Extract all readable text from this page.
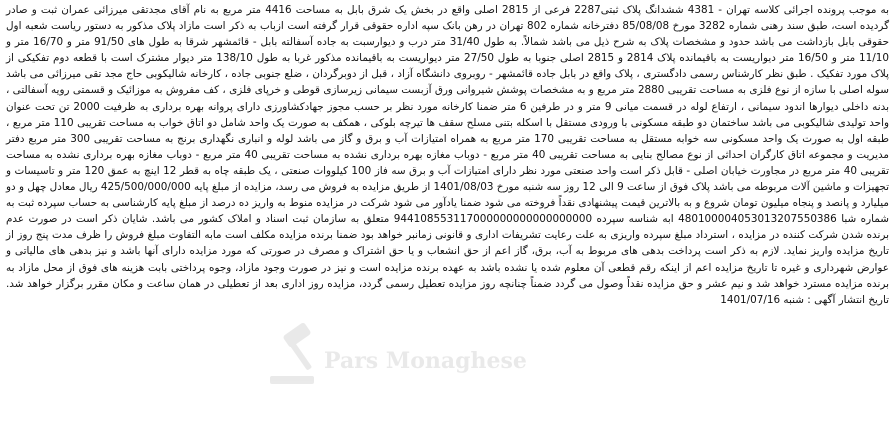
به موجب پرونده اجرائی کلاسه تهران - 4381 ششدانگ پلاک ثبتی2287 فرعی از 2815 اصلی واقع در بخش یک شرق بابل به مساحت 4416 متر مربع به نام آقای مجدتقی میرزائی عمران ثبت و صادر گردیده است، طبق سند رهنی شماره 3282 مورخ 85/08/08 دفترخانه شماره 802 تهران در رهن بانک سپه اداره حقوقی قرار گرفته است ازباب به ذکر است مازاد پلاک مذکور به دستور ریاست شعبه اول حقوقی بابل بازداشت می باشد حدود و مشخصات پلاک به شرح ذیل می باشد شمالاً. به طول 31/40 متر درب و دیوارسبت به جاده آسفالته بابل - قائمشهر شرقا به طول های 91/50 متر و 16/70 متر و 11/10 متر و 16/50 متر دیواریست به باقیمانده پلاک 2814 و 2815 اصلی جنوبا به طول 27/50 متر دیواریست به باقیمانده مذکور غربا به طول 138/10 متر دیوار مشترک است با قطعه دوم تفکیکی از پلاک مورد تفکیک . طبق نظر کارشناس رسمی دادگستری ، پلاک واقع در بابل جاده قائمشهر - روبروی دانشگاه آزاد ، قبل از دوبرگردان ، ضلع جنوبی جاده ، کارخانه شالیکوبی حاج مجد تقی میرزائی می باشد سوله اصلی با سازه از نوع فلزی به مساحت تقریبی 2880 متر مربع و به مشخصات پوشش شیروانی ورق آزبست سیمانی زیرسازی قوطی و خرپای فلزی ، کف مفروش به موزائیک و قسمتی رویه آسفالتی ، بدنه داخلی دیوارها اندود سیمانی ، ارتفاع لوله در قسمت میانی 9 متر و در طرفین 6 متر ضمنا کارخانه مورد نظر بر حسب مجوز جهادکشاورزی دارای پروانه بهره برداری به ظرفیت 2000 تن تحت عنوان واحد تولیدی شالیکوبی می باشد ساختمان دو طبقه مسکونی با ورودی مستقل با اسکله بتنی مسلح سقف ها تیرچه بلوکی ، همکف به صورت یک واحد شامل دو اتاق خواب به مساحت تقریبی 110 متر مربع ، طبقه اول به صورت یک واحد مسکونی سه خوابه مستقل به مساحت تقریبی 170 متر مربع به همراه امتیازات آب و برق و گاز می باشد لوله و انباری نگهداری برنج به مساحت تقریبی 300 متر مربع دفتر مدیریت و مجموعه اتاق کارگران احداثی از نوع مصالح بنایی به مساحت تقریبی 40 متر مربع - دوباب مغازه بهره برداری نشده به مساحت تقریبی 40 متر مربع - دوباب مغازه بهره برداری نشده به مساحت تقریبی 40 متر مربع در مجاورت خیابان اصلی - قابل ذکر است واحد صنعتی مورد نظر دارای امتیازات آب و برق سه فاز 100 کیلووات صنعتی ، یک طبقه چاه به قطر 12 اینچ به عمق 120 متر و تاسیسات و تجهیزات و ماشین آلات مربوطه می باشد پلاک فوق از ساعت 9 الی 12 روز سه شنبه مورخ 1401/08/03 از طریق مزایده به فروش می رسد، مزایده از مبلغ پایه 425/500/000/000 ریال معادل چهل و دو میلیارد و پانصد و پنجاه میلیون تومان شروع و به بالاترین قیمت پیشنهادی نقداً فروخته می شود ضمنا یادآور می شود شرکت در مزایده منوط به واریز ده درصد از مبلغ پایه کارشناسی به حساب سپرده ثبت به شماره شبا 480100004053013207550386 ابه شناسه سپرده 944108553117000000000000000000 متعلق به سازمان ثبت اسناد و املاک کشور می باشد. شایان ذکر است در صورت عدم برنده شدن شرکت کننده در مزایده ، استرداد مبلغ سپرده واریزی به علت رعایت تشریفات اداری و قانونی زمانبر خواهد بود ضمنا برنده مزایده مکلف است مابه التفاوت مبلغ فروش را ظرف مدت پنج روز از تاریخ مزایده واریز نماید. لازم به ذکر است پرداخت بدهی های مربوط به آب، برق، گاز اعم از حق انشعاب و یا حق اشتراک و مصرف در صورتی که مورد مزایده دارای آنها باشد و نیز بدهی های مالیاتی و عوارض شهرداری و غیره تا تاریخ مزایده اعم از اینکه رقم قطعی آن معلوم شده یا نشده باشد به عهده برنده مزایده است و نیز در صورت وجود مازاد، وجوه پرداختی بابت هزینه های فوق از محل مازاد به برنده مزایده مسترد خواهد شد و نیم عشر و حق مزایده نقداً وصول می گردد ضمناً چنانچه روز مزایده تعطیل رسمی گردد، مزایده روز اداری بعد از تعطیلی در همان ساعت و مکان مقرر برگزار خواهد شد. تاریخ انتشار آگهی : شنبه 1401/07/16
Pars Monaghese
